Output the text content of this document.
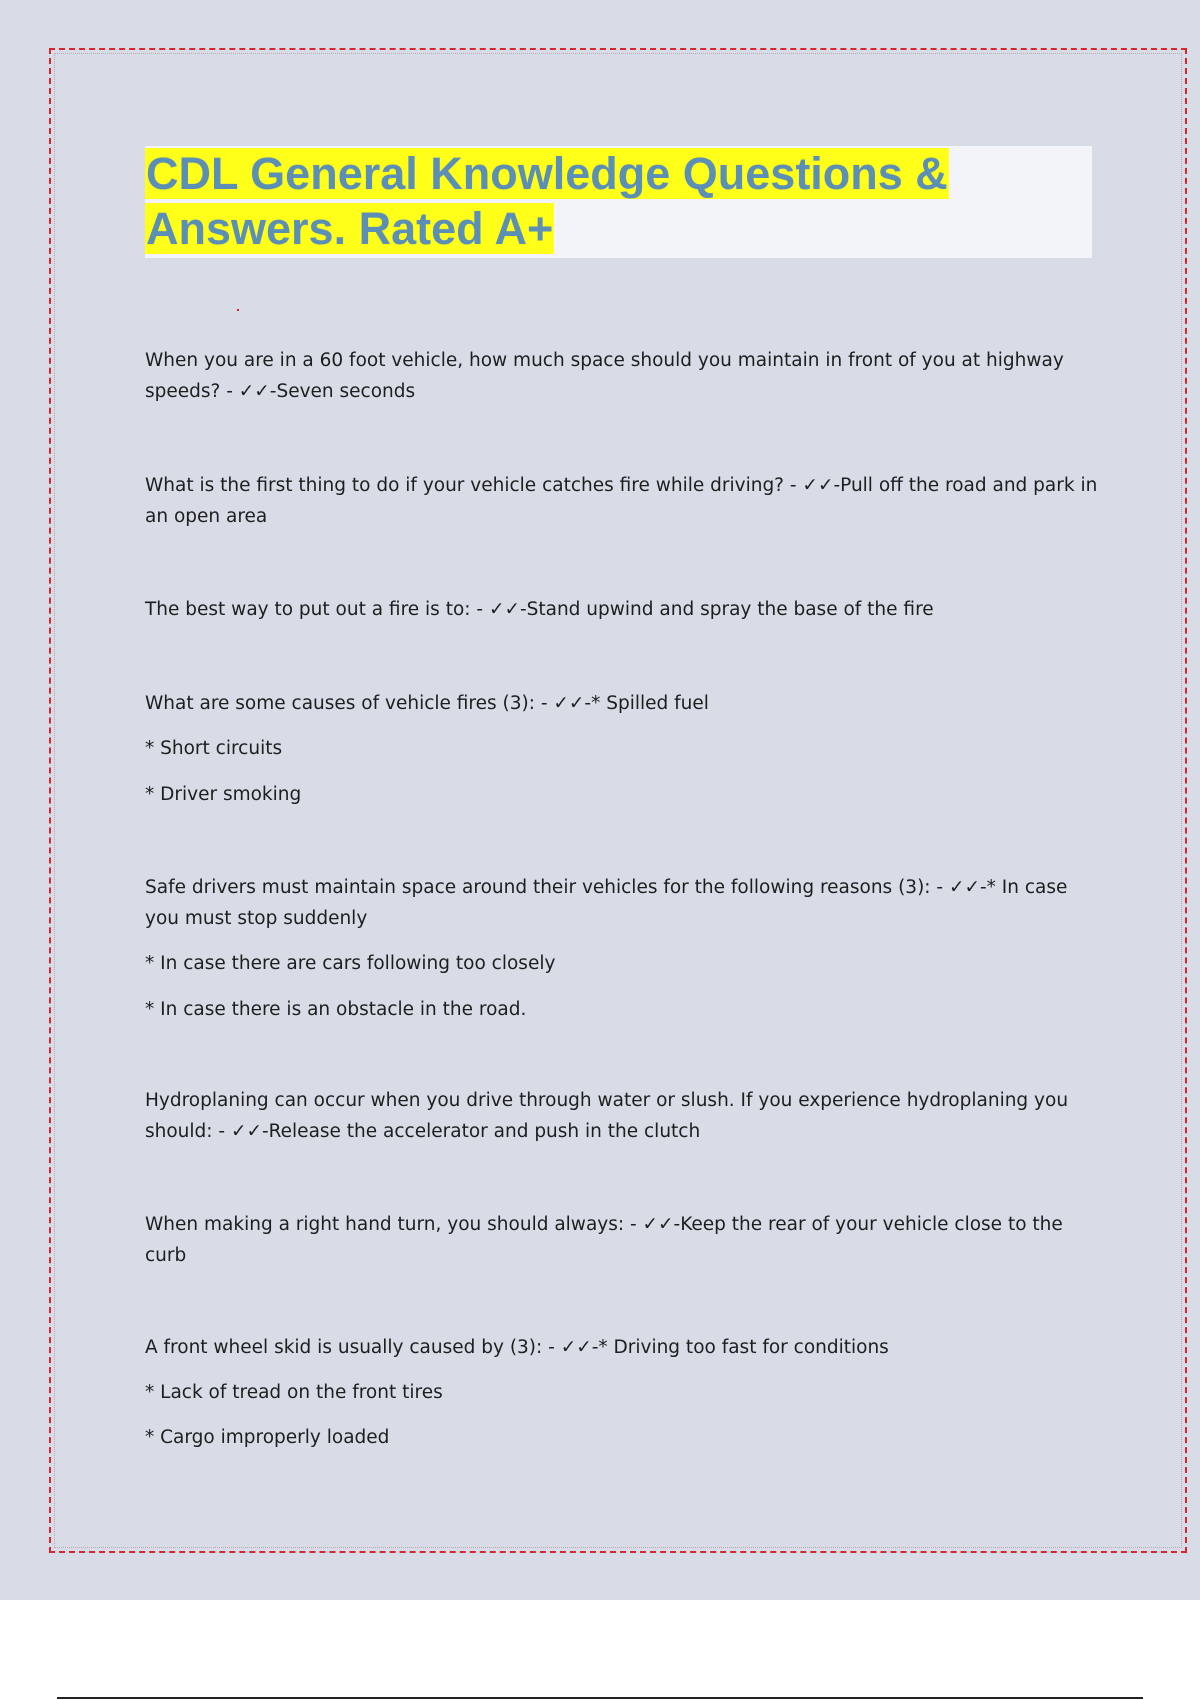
CDL General Knowledge Questions &
Answers. Rated A+

When you are in a 60 foot vehicle, how much space should you maintain in front of you at highway speeds? - ✓✓-Seven seconds

What is the first thing to do if your vehicle catches fire while driving? - ✓✓-Pull off the road and park in an open area

The best way to put out a fire is to: - ✓✓-Stand upwind and spray the base of the fire

What are some causes of vehicle fires (3): - ✓✓-* Spilled fuel

* Short circuits

* Driver smoking

Safe drivers must maintain space around their vehicles for the following reasons (3): - ✓✓-* In case you must stop suddenly

* In case there are cars following too closely

* In case there is an obstacle in the road.

Hydroplaning can occur when you drive through water or slush. If you experience hydroplaning you should: - ✓✓-Release the accelerator and push in the clutch

When making a right hand turn, you should always: - ✓✓-Keep the rear of your vehicle close to the curb

A front wheel skid is usually caused by (3): - ✓✓-* Driving too fast for conditions

* Lack of tread on the front tires

* Cargo improperly loaded
